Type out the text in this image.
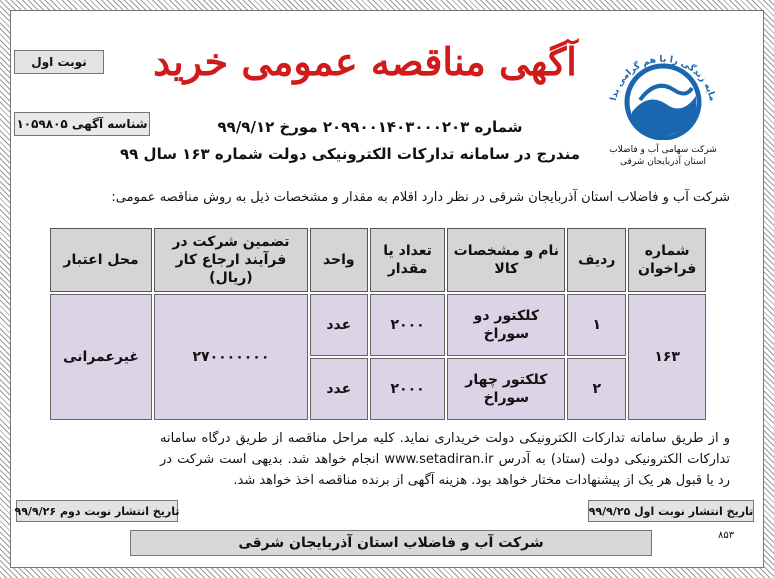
نوبت اول
شناسه آگهی ۱۰۵۹۸۰۵
آگهی مناقصه عمومی خرید
مایه زندگی را با هم گرامی بدا
شرکت سهامی آب و فاضلاب
استان آذربایجان شرقی
شماره ۲۰۹۹۰۰۱۴۰۳۰۰۰۲۰۳ مورخ ۹۹/۹/۱۲
مندرج در سامانه تدارکات الکترونیکی دولت شماره ۱۶۳ سال ۹۹
شرکت آب و فاضلاب استان آذربایجان شرقی در نظر دارد اقلام به مقدار و مشخصات ذیل به روش مناقصه عمومی:
شماره فراخوان	ردیف	نام و مشخصات کالا	تعداد یا مقدار	واحد	تضمین شرکت در فرآیند ارجاع کار (ریال)	محل اعتبار
۱۶۳	۱	کلکتور دو سوراخ	۲۰۰۰	عدد	۲۷۰۰۰۰۰۰۰	غیرعمرانی
	۲	کلکتور چهار سوراخ	۲۰۰۰	عدد		
و از طریق سامانه تدارکات الکترونیکی دولت خریداری نماید. کلیه مراحل مناقصه از طریق درگاه سامانه تدارکات الکترونیکی دولت (ستاد) به آدرس www.setadiran.ir انجام خواهد شد. بدیهی است شرکت در رد یا قبول هر یک از پیشنهادات مختار خواهد بود. هزینه آگهی از برنده مناقصه اخذ خواهد شد.
تاریخ انتشار نوبت دوم ۹۹/۹/۲۶	تاریخ انتشار نوبت اول ۹۹/۹/۲۵
۸۵۳
شرکت آب و فاضلاب استان آذربایجان شرقی
